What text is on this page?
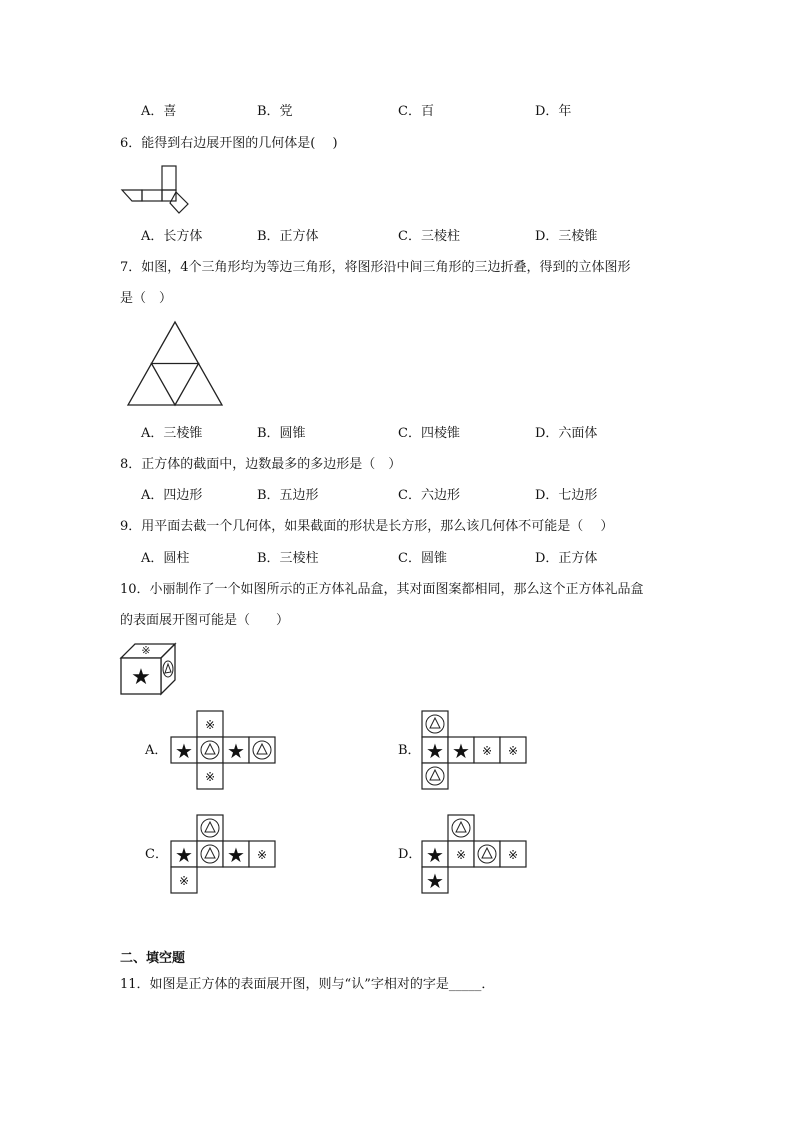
A．喜	B．党	C．百	D．年
6．能得到右边展开图的几何体是(　 )
A．长方体	B．正方体	C．三棱柱	D．三棱锥
7．如图，4个三角形均为等边三角形，将图形沿中间三角形的三边折叠，得到的立体图形
是（　）
A．三棱锥	B．圆锥	C．四棱锥	D．六面体
8．正方体的截面中，边数最多的多边形是（　）
A．四边形	B．五边形	C．六边形	D．七边形
9．用平面去截一个几何体，如果截面的形状是长方形，那么该几何体不可能是（　 ）
A．圆柱	B．三棱柱	C．圆锥	D．正方体
10．小丽制作了一个如图所示的正方体礼品盒，其对面图案都相同，那么这个正方体礼品盒
的表面展开图可能是（　　）
※
★
A．
※
★ ★
※
B． ★ ★ ※ ※
C． ★ ★ ※
※
D． ★ ※	※
★
二、填空题
11．如图是正方体的表面展开图，则与“认”字相对的字是_____．
